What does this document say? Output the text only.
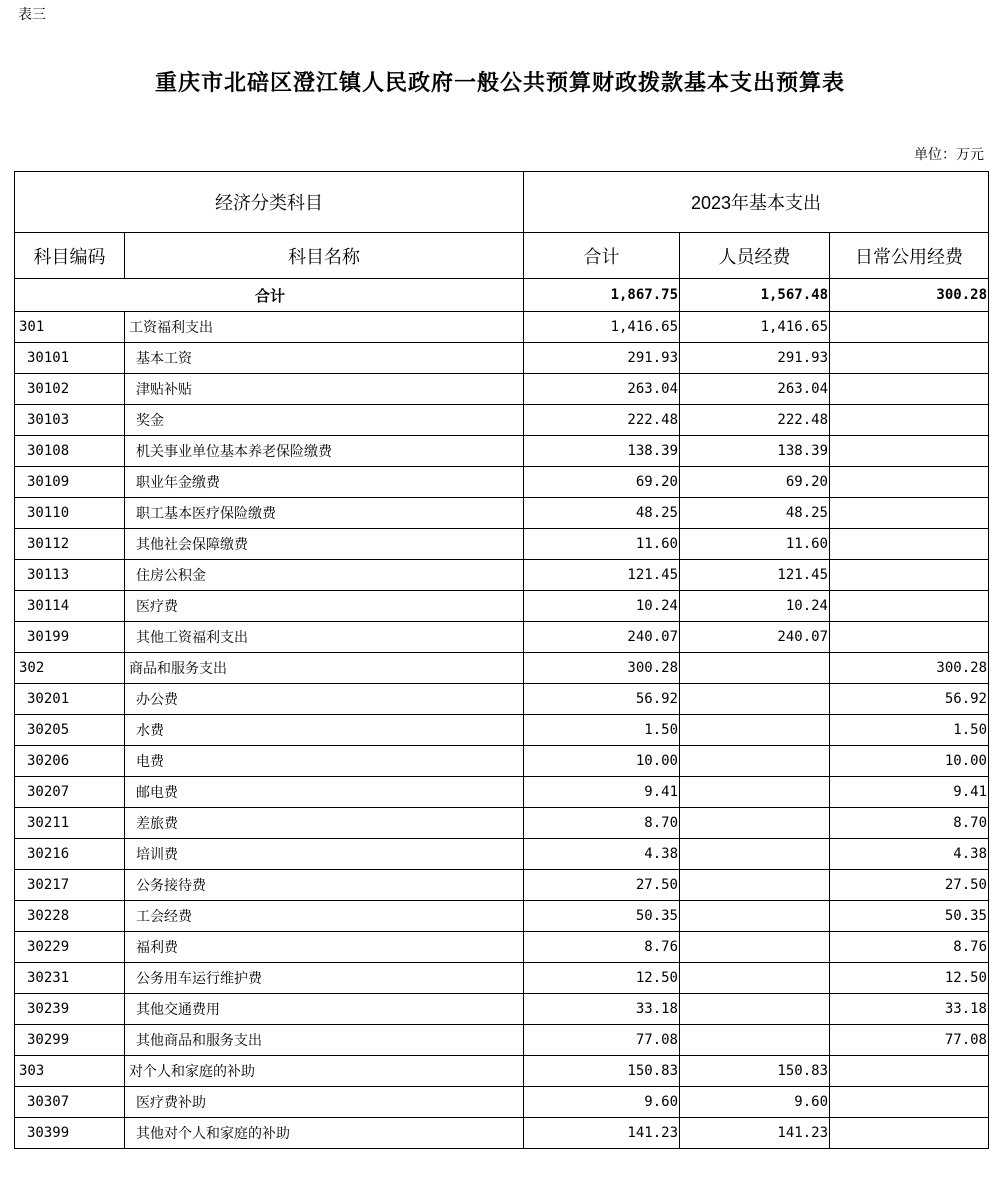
表三
重庆市北碚区澄江镇人民政府一般公共预算财政拨款基本支出预算表
单位：万元
经济分类科目		2023年基本支出		
科目编码	科目名称	合计	人员经费	日常公用经费
合计		1,867.75	1,567.48	300.28
301	工资福利支出	1,416.65	1,416.65	
30101	基本工资	291.93	291.93	
30102	津贴补贴	263.04	263.04	
30103	奖金	222.48	222.48	
30108	机关事业单位基本养老保险缴费	138.39	138.39	
30109	职业年金缴费	69.20	69.20	
30110	职工基本医疗保险缴费	48.25	48.25	
30112	其他社会保障缴费	11.60	11.60	
30113	住房公积金	121.45	121.45	
30114	医疗费	10.24	10.24	
30199	其他工资福利支出	240.07	240.07	
302	商品和服务支出	300.28		300.28
30201	办公费	56.92		56.92
30205	水费	1.50		1.50
30206	电费	10.00		10.00
30207	邮电费	9.41		9.41
30211	差旅费	8.70		8.70
30216	培训费	4.38		4.38
30217	公务接待费	27.50		27.50
30228	工会经费	50.35		50.35
30229	福利费	8.76		8.76
30231	公务用车运行维护费	12.50		12.50
30239	其他交通费用	33.18		33.18
30299	其他商品和服务支出	77.08		77.08
303	对个人和家庭的补助	150.83	150.83	
30307	医疗费补助	9.60	9.60	
30399	其他对个人和家庭的补助	141.23	141.23	
